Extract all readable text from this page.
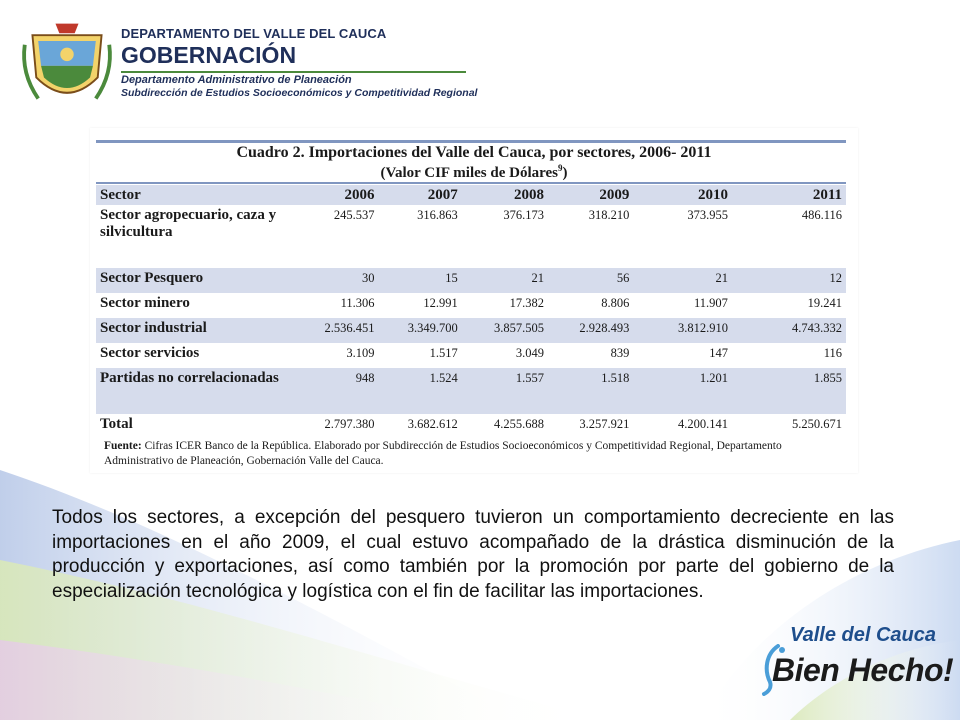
DEPARTAMENTO DEL VALLE DEL CAUCA
GOBERNACIÓN
Departamento Administrativo de Planeación
Subdirección de Estudios Socioeconómicos y Competitividad Regional
Cuadro 2. Importaciones del Valle del Cauca, por sectores, 2006- 2011
(Valor CIF miles de Dólares$^9$)
Sector	2006	2007	2008	2009	2010	2011
Sector agropecuario, caza y silvicultura	245.537	316.863	376.173	318.210	373.955	486.116
Sector Pesquero	30	15	21	56	21	12
Sector minero	11.306	12.991	17.382	8.806	11.907	19.241
Sector industrial	2.536.451	3.349.700	3.857.505	2.928.493	3.812.910	4.743.332
Sector servicios	3.109	1.517	3.049	839	147	116
Partidas no correlacionadas	948	1.524	1.557	1.518	1.201	1.855
Total	2.797.380	3.682.612	4.255.688	3.257.921	4.200.141	5.250.671
Fuente: Cifras ICER Banco de la República. Elaborado por Subdirección de Estudios Socioeconómicos y Competitividad Regional, Departamento Administrativo de Planeación, Gobernación Valle del Cauca.
Todos los sectores, a excepción del pesquero tuvieron un comportamiento decreciente en las importaciones en el año 2009, el cual estuvo acompañado de la drástica disminución de la producción y exportaciones, así como también por la promoción por parte del gobierno de la especialización tecnológica y logística con el fin de facilitar las importaciones.
Valle del Cauca
Bien Hecho!
